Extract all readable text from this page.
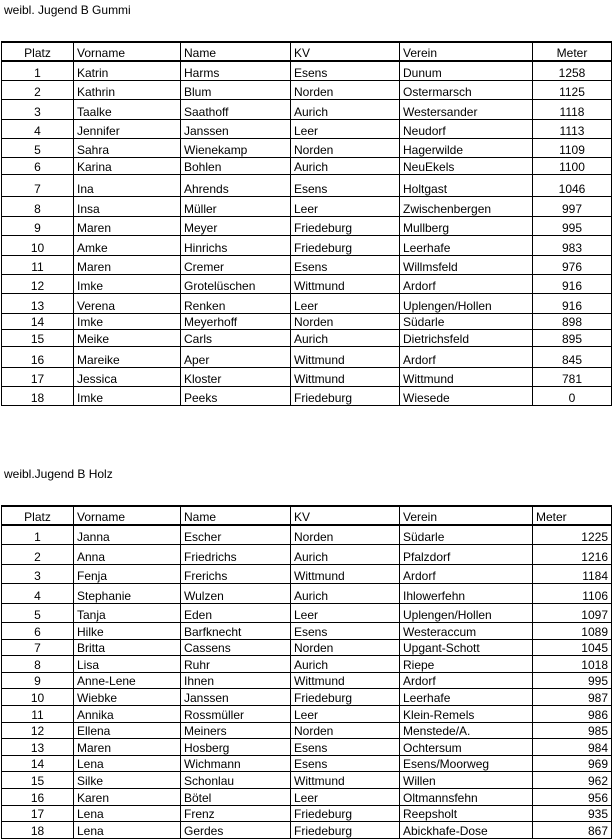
weibl. Jugend B Gummi
Platz	Vorname	Name	KV	Verein	Meter
1	Katrin	Harms	Esens	Dunum	1258
2	Kathrin	Blum	Norden	Ostermarsch	1125
3	Taalke	Saathoff	Aurich	Westersander	1118
4	Jennifer	Janssen	Leer	Neudorf	1113
5	Sahra	Wienekamp	Norden	Hagerwilde	1109
6	Karina	Bohlen	Aurich	NeuEkels	1100
7	Ina	Ahrends	Esens	Holtgast	1046
8	Insa	Müller	Leer	Zwischenbergen	997
9	Maren	Meyer	Friedeburg	Mullberg	995
10	Amke	Hinrichs	Friedeburg	Leerhafe	983
11	Maren	Cremer	Esens	Willmsfeld	976
12	Imke	Grotelüschen	Wittmund	Ardorf	916
13	Verena	Renken	Leer	Uplengen/Hollen	916
14	Imke	Meyerhoff	Norden	Südarle	898
15	Meike	Carls	Aurich	Dietrichsfeld	895
16	Mareike	Aper	Wittmund	Ardorf	845
17	Jessica	Kloster	Wittmund	Wittmund	781
18	Imke	Peeks	Friedeburg	Wiesede	0
weibl.Jugend B Holz
Platz	Vorname	Name	KV	Verein	Meter
1	Janna	Escher	Norden	Südarle	1225
2	Anna	Friedrichs	Aurich	Pfalzdorf	1216
3	Fenja	Frerichs	Wittmund	Ardorf	1184
4	Stephanie	Wulzen	Aurich	Ihlowerfehn	1106
5	Tanja	Eden	Leer	Uplengen/Hollen	1097
6	Hilke	Barfknecht	Esens	Westeraccum	1089
7	Britta	Cassens	Norden	Upgant-Schott	1045
8	Lisa	Ruhr	Aurich	Riepe	1018
9	Anne-Lene	Ihnen	Wittmund	Ardorf	995
10	Wiebke	Janssen	Friedeburg	Leerhafe	987
11	Annika	Rossmüller	Leer	Klein-Remels	986
12	Ellena	Meiners	Norden	Menstede/A.	985
13	Maren	Hosberg	Esens	Ochtersum	984
14	Lena	Wichmann	Esens	Esens/Moorweg	969
15	Silke	Schonlau	Wittmund	Willen	962
16	Karen	Bötel	Leer	Oltmannsfehn	956
17	Lena	Frenz	Friedeburg	Reepsholt	935
18	Lena	Gerdes	Friedeburg	Abickhafe-Dose	867
